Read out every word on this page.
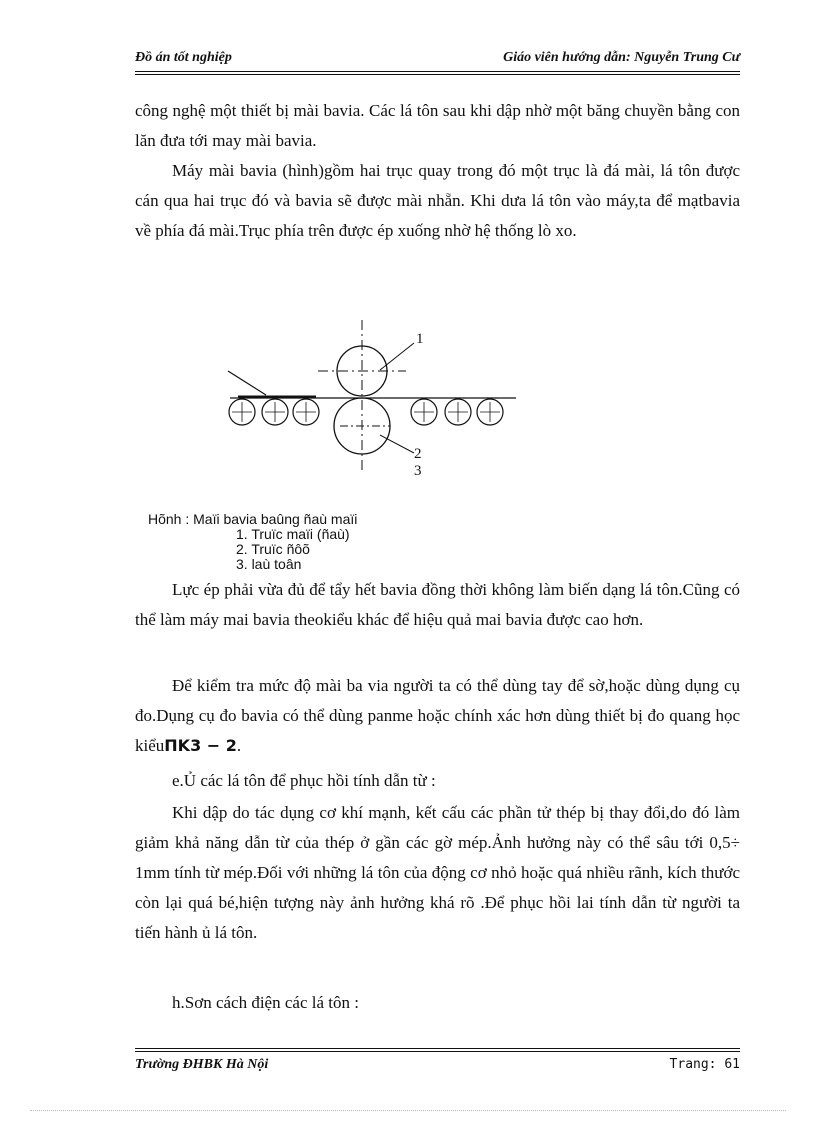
Đồ án tốt nghiệp	Giáo viên hướng dẫn: Nguyễn Trung Cư

công nghệ một thiết bị mài bavia. Các lá tôn sau khi dập nhờ một băng chuyền bằng con lăn đưa tới may mài bavia.

Máy mài bavia (hình)gồm hai trục quay trong đó một trục là đá mài, lá tôn được cán qua hai trục đó và bavia sẽ được mài nhẵn. Khi dưa lá tôn vào máy,ta để mạtbavia về phía đá mài.Trục phía trên được ép xuống nhờ hệ thống lò xo.

1
2
3
Hõnh : Maïi bavia baûng ñaù maïi
1. Truïc maïi (ñaù)
2. Truïc ñôõ
3. laù toân

Lực ép phải vừa đủ để tẩy hết bavia đồng thời không làm biến dạng lá tôn.Cũng có thể làm máy mai bavia theokiểu khác để hiệu quả mai bavia được cao hơn.

Để kiểm tra mức độ mài ba via người ta có thể dùng tay để sờ,hoặc dùng dụng cụ đo.Dụng cụ đo bavia có thể dùng panme hoặc chính xác hơn dùng thiết bị đo quang học kiểuΠK3 − 2.

e.Ủ các lá tôn để phục hồi tính dẫn từ :

Khi dập do tác dụng cơ khí mạnh, kết cấu các phần tử thép bị thay đổi,do đó làm giảm khả năng dẫn từ của thép ở gần các gờ mép.Ảnh hưởng này có thể sâu tới 0,5÷ 1mm tính từ mép.Đối với những lá tôn của động cơ nhỏ hoặc quá nhiều rãnh, kích thước còn lại quá bé,hiện tượng này ảnh hưởng khá rõ .Để phục hồi lai tính dẫn từ người ta tiến hành ủ lá tôn.

h.Sơn cách điện các lá tôn :

Trường ĐHBK Hà Nội	Trang: 61
